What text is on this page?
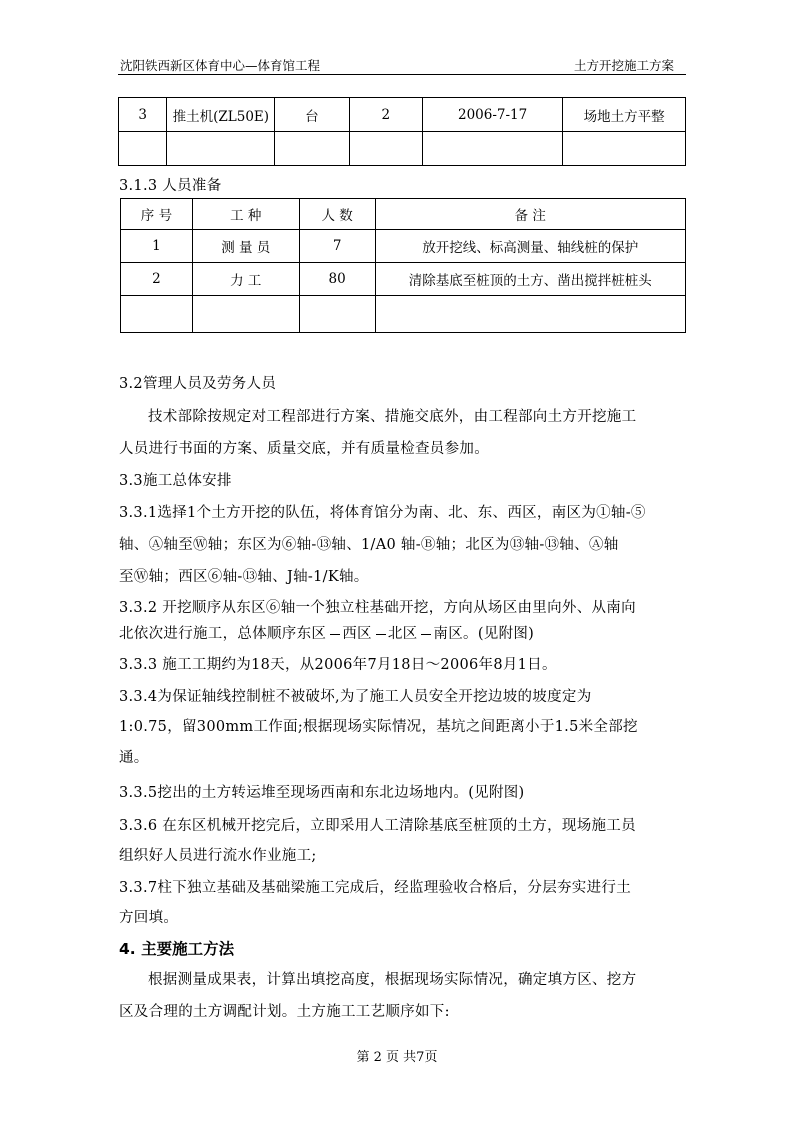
沈阳铁西新区体育中心—体育馆工程	土方开挖施工方案
3	推土机(ZL50E)	台	2	2006-7-17	场地土方平整

3.1.3 人员准备
序 号	工 种	人 数	备 注
1	测 量 员	7	放开挖线、标高测量、轴线桩的保护
2	力 工	80	清除基底至桩顶的土方、凿出搅拌桩桩头

3.2管理人员及劳务人员
技术部除按规定对工程部进行方案、措施交底外，由工程部向土方开挖施工
人员进行书面的方案、质量交底，并有质量检查员参加。
3.3施工总体安排
3.3.1选择1个土方开挖的队伍，将体育馆分为南、北、东、西区，南区为①轴-⑤
轴、Ⓐ轴至Ⓦ轴；东区为⑥轴-⑬轴、1/A0 轴-Ⓑ轴；北区为⑬轴-⑬轴、Ⓐ轴
至Ⓦ轴；西区⑥轴-⑬轴、J轴-1/K轴。
3.3.2 开挖顺序从东区⑥轴一个独立柱基础开挖，方向从场区由里向外、从南向
北依次进行施工，总体顺序东区 西区 北区 南区。(见附图)
3.3.3 施工工期约为18天，从2006年7月18日～2006年8月1日。
3.3.4为保证轴线控制桩不被破坏,为了施工人员安全开挖边坡的坡度定为
1:0.75，留300mm工作面;根据现场实际情况，基坑之间距离小于1.5米全部挖
通。
3.3.5挖出的土方转运堆至现场西南和东北边场地内。(见附图)
3.3.6 在东区机械开挖完后，立即采用人工清除基底至桩顶的土方，现场施工员
组织好人员进行流水作业施工;
3.3.7柱下独立基础及基础梁施工完成后，经监理验收合格后，分层夯实进行土
方回填。
4. 主要施工方法
根据测量成果表，计算出填挖高度，根据现场实际情况，确定填方区、挖方
区及合理的土方调配计划。土方施工工艺顺序如下:
第 2 页 共7页
